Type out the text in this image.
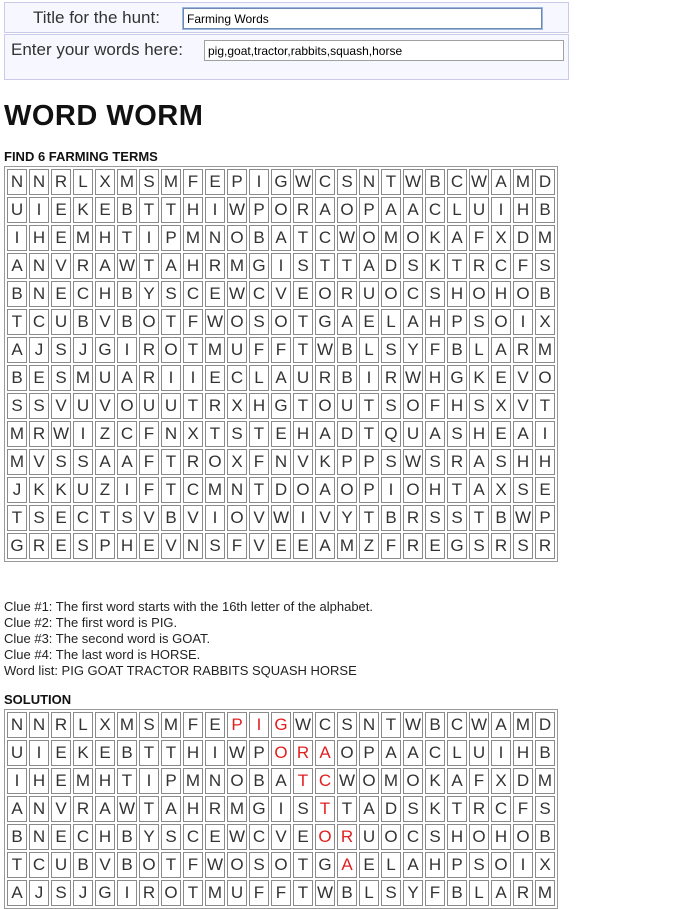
Title for the hunt:
Farming Words
Enter your words here:
pig,goat,tractor,rabbits,squash,horse
WORD WORM
FIND 6 FARMING TERMS
N	N	R	L	X	M	S	M	F	E	P	I	G	W	C	S	N	T	W	B	C	W	A	M	D
U	I	E	K	E	B	T	T	H	I	W	P	O	R	A	O	P	A	A	C	L	U	I	H	B
I	H	E	M	H	T	I	P	M	N	O	B	A	T	C	W	O	M	O	K	A	F	X	D	M
A	N	V	R	A	W	T	A	H	R	M	G	I	S	T	T	A	D	S	K	T	R	C	F	S
B	N	E	C	H	B	Y	S	C	E	W	C	V	E	O	R	U	O	C	S	H	O	H	O	B
T	C	U	B	V	B	O	T	F	W	O	S	O	T	G	A	E	L	A	H	P	S	O	I	X
A	J	S	J	G	I	R	O	T	M	U	F	F	T	W	B	L	S	Y	F	B	L	A	R	M
B	E	S	M	U	A	R	I	I	E	C	L	A	U	R	B	I	R	W	H	G	K	E	V	O
S	S	V	U	V	O	U	U	T	R	X	H	G	T	O	U	T	S	O	F	H	S	X	V	T
M	R	W	I	Z	C	F	N	X	T	S	T	E	H	A	D	T	Q	U	A	S	H	E	A	I
M	V	S	S	A	A	F	T	R	O	X	F	N	V	K	P	P	S	W	S	R	A	S	H	H
J	K	K	U	Z	I	F	T	C	M	N	T	D	O	A	O	P	I	O	H	T	A	X	S	E
T	S	E	C	T	S	V	B	V	I	O	V	W	I	V	Y	T	B	R	S	S	T	B	W	P
G	R	E	S	P	H	E	V	N	S	F	V	E	E	A	M	Z	F	R	E	G	S	R	S	R
Clue #1: The first word starts with the 16th letter of the alphabet.
Clue #2: The first word is PIG.
Clue #3: The second word is GOAT.
Clue #4: The last word is HORSE.
Word list: PIG GOAT TRACTOR RABBITS SQUASH HORSE
SOLUTION
N	N	R	L	X	M	S	M	F	E	P	I	G	W	C	S	N	T	W	B	C	W	A	M	D
U	I	E	K	E	B	T	T	H	I	W	P	O	R	A	O	P	A	A	C	L	U	I	H	B
I	H	E	M	H	T	I	P	M	N	O	B	A	T	C	W	O	M	O	K	A	F	X	D	M
A	N	V	R	A	W	T	A	H	R	M	G	I	S	T	T	A	D	S	K	T	R	C	F	S
B	N	E	C	H	B	Y	S	C	E	W	C	V	E	O	R	U	O	C	S	H	O	H	O	B
T	C	U	B	V	B	O	T	F	W	O	S	O	T	G	A	E	L	A	H	P	S	O	I	X
A	J	S	J	G	I	R	O	T	M	U	F	F	T	W	B	L	S	Y	F	B	L	A	R	M
